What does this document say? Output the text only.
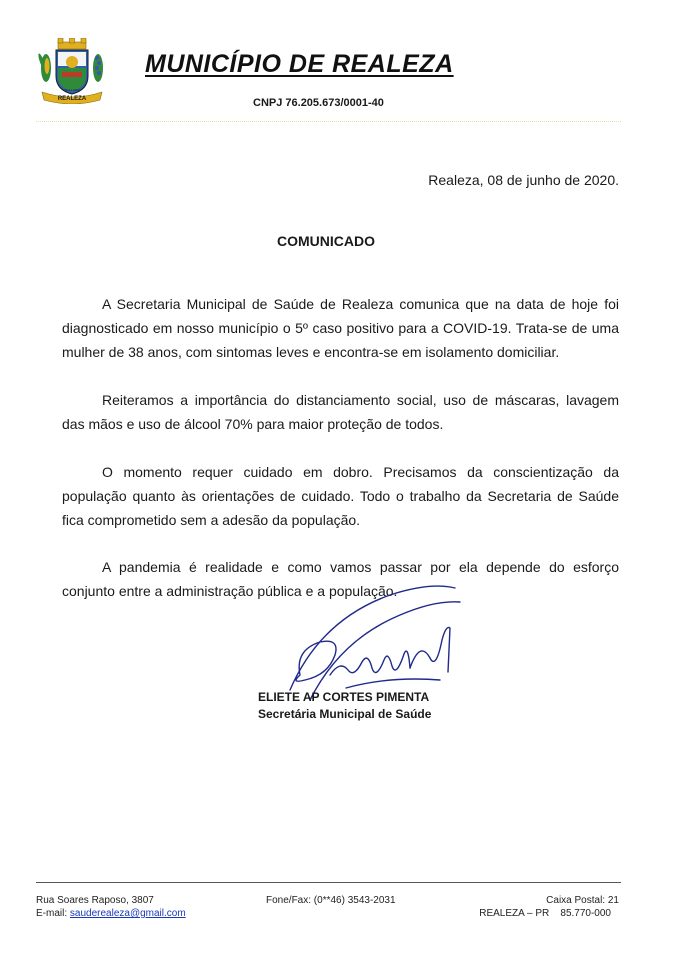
REALEZA
29-11-1963
MUNICÍPIO DE REALEZA
CNPJ 76.205.673/0001-40
Realeza, 08 de junho de 2020.
COMUNICADO
A Secretaria Municipal de Saúde de Realeza comunica que na data de hoje foi diagnosticado em nosso município o 5º caso positivo para a COVID-19. Trata-se de uma mulher de 38 anos, com sintomas leves e encontra-se em isolamento domiciliar.
Reiteramos a importância do distanciamento social, uso de máscaras, lavagem das mãos e uso de álcool 70% para maior proteção de todos.
O momento requer cuidado em dobro. Precisamos da conscientização da população quanto às orientações de cuidado. Todo o trabalho da Secretaria de Saúde fica comprometido sem a adesão da população.
A pandemia é realidade e como vamos passar por ela depende do esforço conjunto entre a administração pública e a população.
ELIETE AP CORTES PIMENTA
Secretária Municipal de Saúde
Rua Soares Raposo, 3807
E-mail: sauderealeza@gmail.com
Fone/Fax: (0**46) 3543-2031	Caixa Postal: 21
REALEZA – PR 85.770-000
